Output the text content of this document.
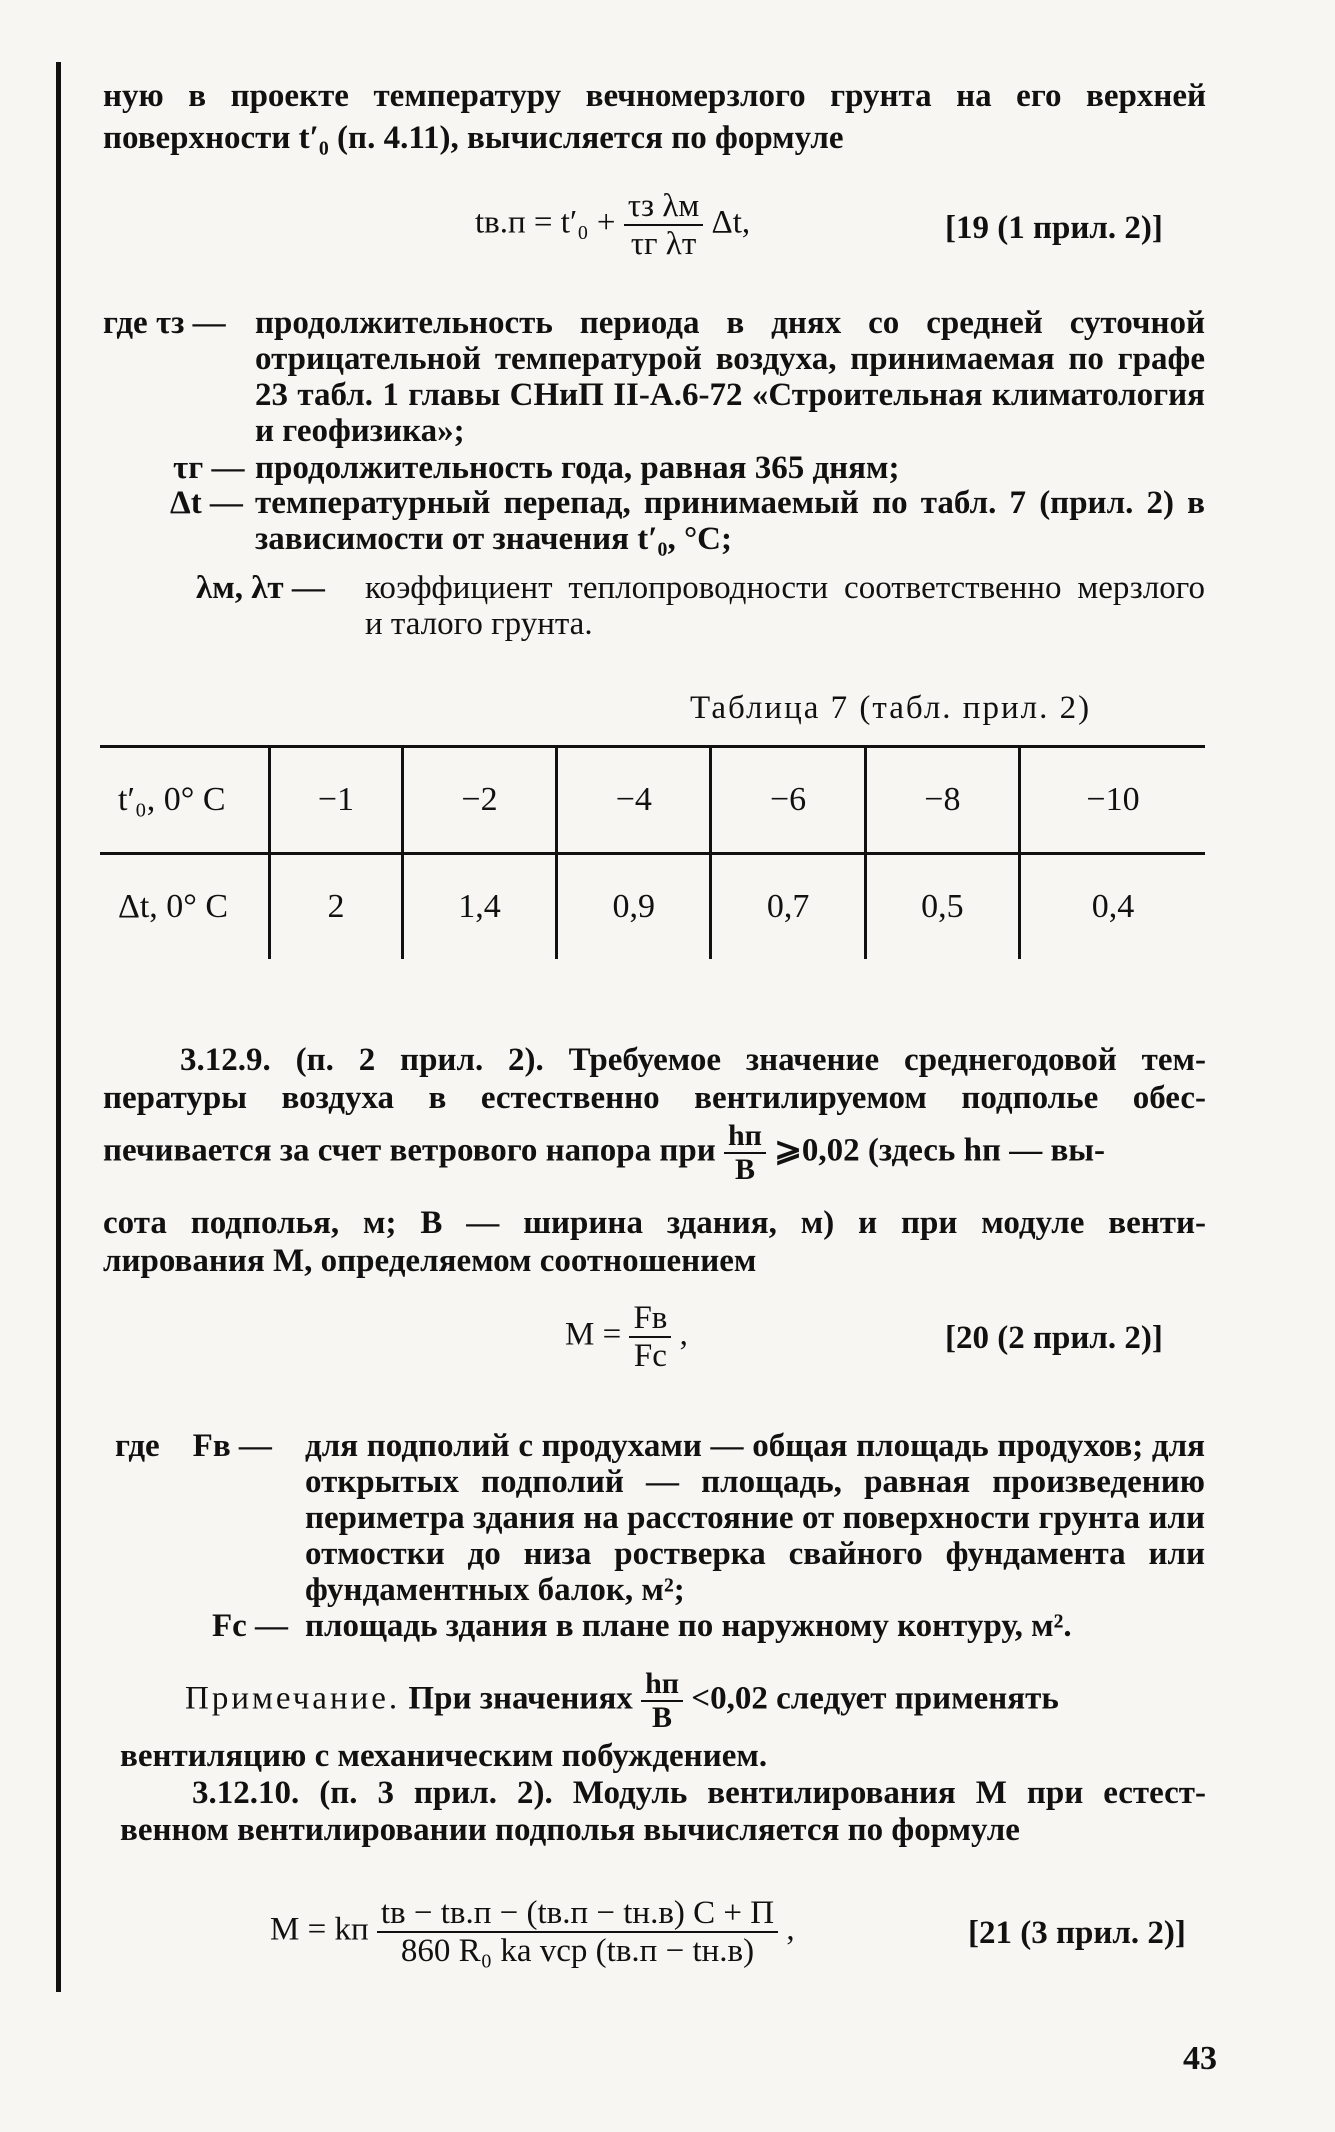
ную в проекте температуру вечномерзлого грунта на его верхней
поверхности t′₀ (п. 4.11), вычисляется по формуле
$tв.п = t'_0 + \frac{\text{τз λм}}{\text{τг λт}} \Delta t$,	[19 (1 прил. 2)]
где τз — продолжительность периода в днях со средней суточной отрицательной температурой воздуха, принимаемая по графе 23 табл. 1 главы СНиП II-А.6-72 «Строительная климатология и геофизика»;
τг — продолжительность года, равная 365 дням;
Δt — температурный перепад, принимаемый по табл. 7 (прил. 2) в зависимости от значения t′₀, °С;
λм, λт — коэффициент теплопроводности соответственно мерзлого и талого грунта.
Таблица 7 (табл. прил. 2)
t′₀, 0° C	−1	−2	−4	−6	−8	−10
Δt, 0° C	2	1,4	0,9	0,7	0,5	0,4
3.12.9. (п. 2 прил. 2). Требуемое значение среднегодовой тем-
пературы воздуха в естественно вентилируемом подполье обес-
печивается за счет ветрового напора при $\frac{hп}{B}$ ⩾0,02 (здесь hп — вы-
сота подполья, м; B — ширина здания, м) и при модуле венти-
лирования M, определяемом соотношением
$M = \frac{Fв}{Fс}$ ,	[20 (2 прил. 2)]
где    Fв — для подполий с продухами — общая площадь продухов; для открытых подполий — площадь, равная произведению периметра здания на расстояние от поверхности грунта или отмостки до низа ростверка свайного фундамента или фундаментных балок, м²;
Fс — площадь здания в плане по наружному контуру, м².
Примечание. При значениях $\frac{hп}{B} <0,02$ следует применять
вентиляцию с механическим побуждением.
3.12.10. (п. 3 прил. 2). Модуль вентилирования M при естест-
венном вентилировании подполья вычисляется по формуле
M = kп $\frac{tв - tв.п - (tв.п - tн.в) C + П}{\text{860 R₀ kа vср (tв.п − tн.в)}}$ ,	[21 (3 прил. 2)]
43
